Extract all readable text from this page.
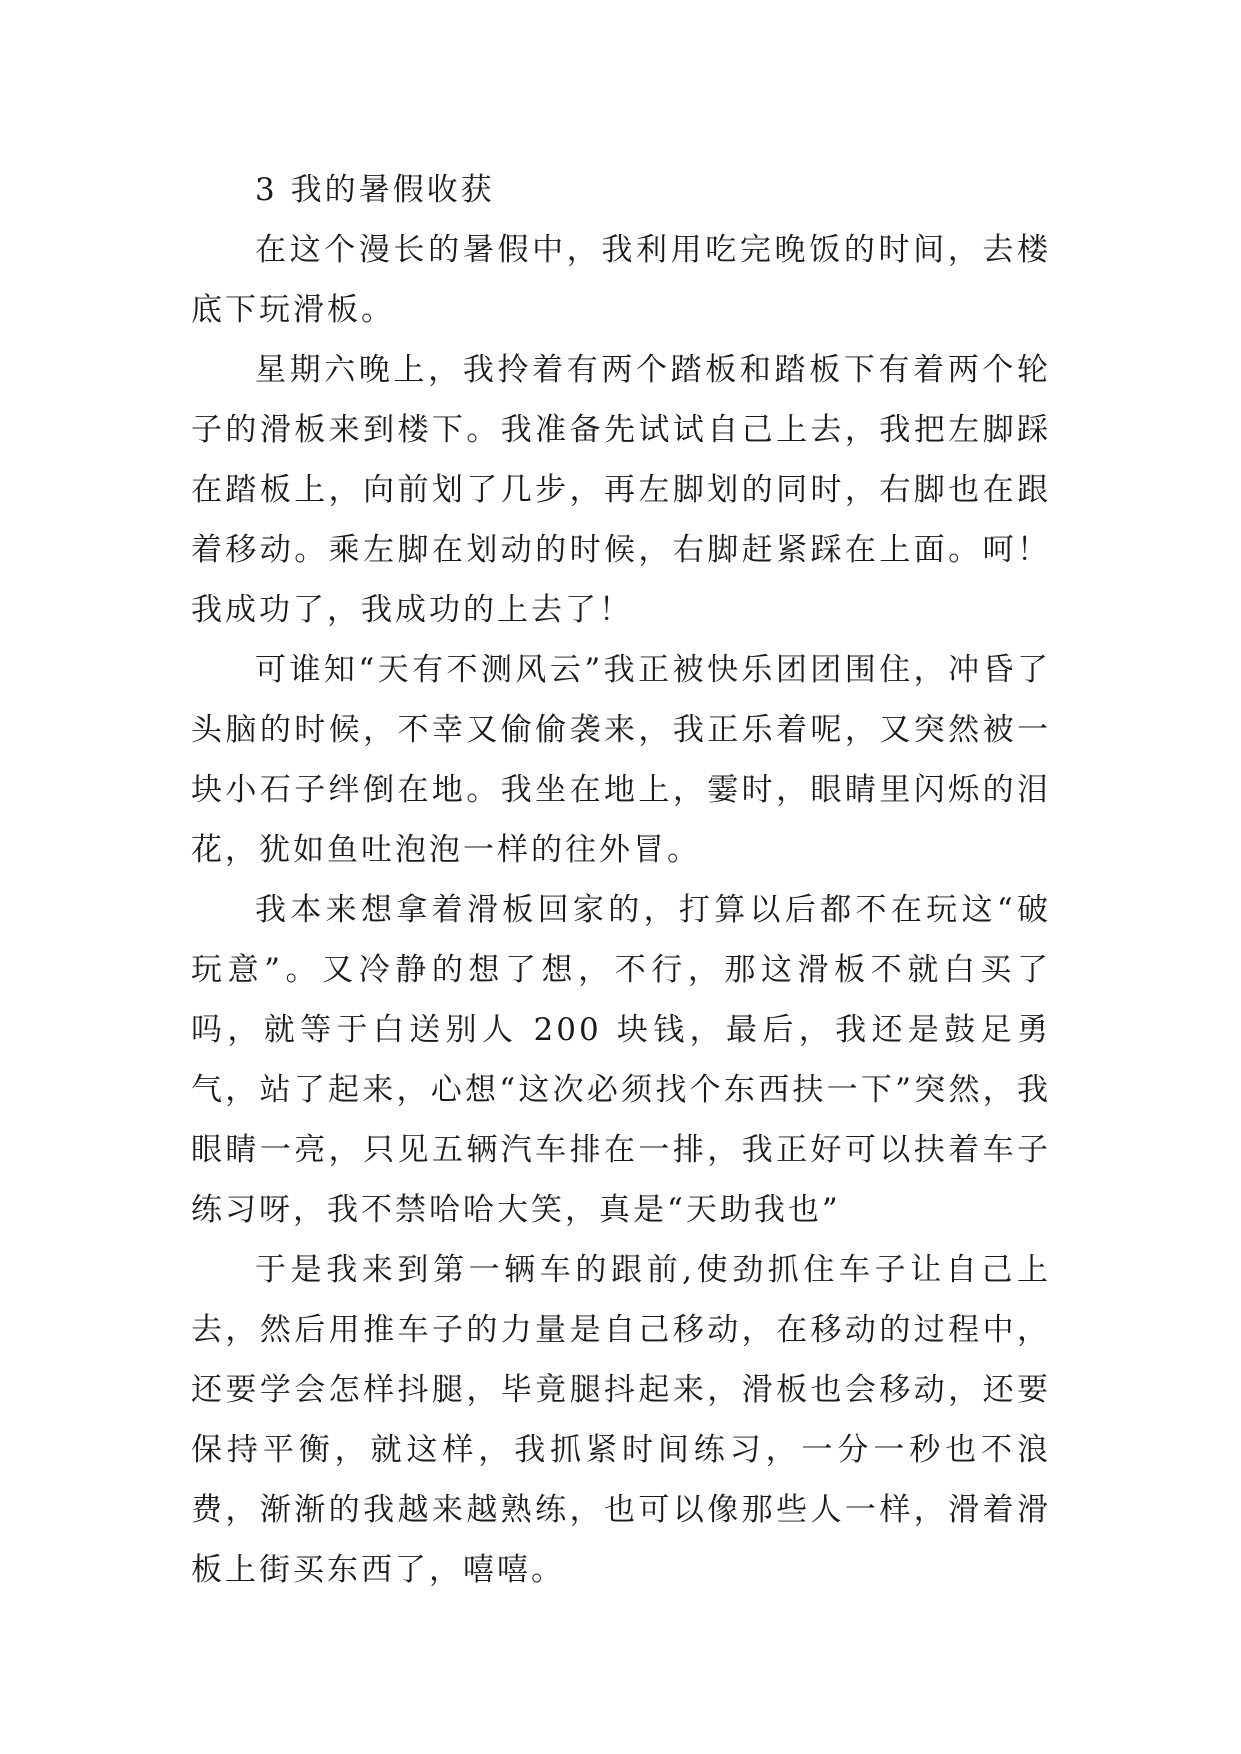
3 我的暑假收获

在这个漫长的暑假中，我利用吃完晚饭的时间，去楼底下玩滑板。

星期六晚上，我拎着有两个踏板和踏板下有着两个轮子的滑板来到楼下。我准备先试试自己上去，我把左脚踩在踏板上，向前划了几步，再左脚划的同时，右脚也在跟着移动。乘左脚在划动的时候，右脚赶紧踩在上面。呵！我成功了，我成功的上去了！

可谁知“天有不测风云”我正被快乐团团围住，冲昏了头脑的时候，不幸又偷偷袭来，我正乐着呢，又突然被一块小石子绊倒在地。我坐在地上，霎时，眼睛里闪烁的泪花，犹如鱼吐泡泡一样的往外冒。

我本来想拿着滑板回家的，打算以后都不在玩这“破玩意”。又冷静的想了想，不行，那这滑板不就白买了吗，就等于白送别人 200 块钱，最后，我还是鼓足勇气，站了起来，心想“这次必须找个东西扶一下”突然，我眼睛一亮，只见五辆汽车排在一排，我正好可以扶着车子练习呀，我不禁哈哈大笑，真是“天助我也”

于是我来到第一辆车的跟前,使劲抓住车子让自己上去，然后用推车子的力量是自己移动，在移动的过程中，还要学会怎样抖腿，毕竟腿抖起来，滑板也会移动，还要保持平衡，就这样，我抓紧时间练习，一分一秒也不浪费，渐渐的我越来越熟练，也可以像那些人一样，滑着滑板上街买东西了，嘻嘻。
